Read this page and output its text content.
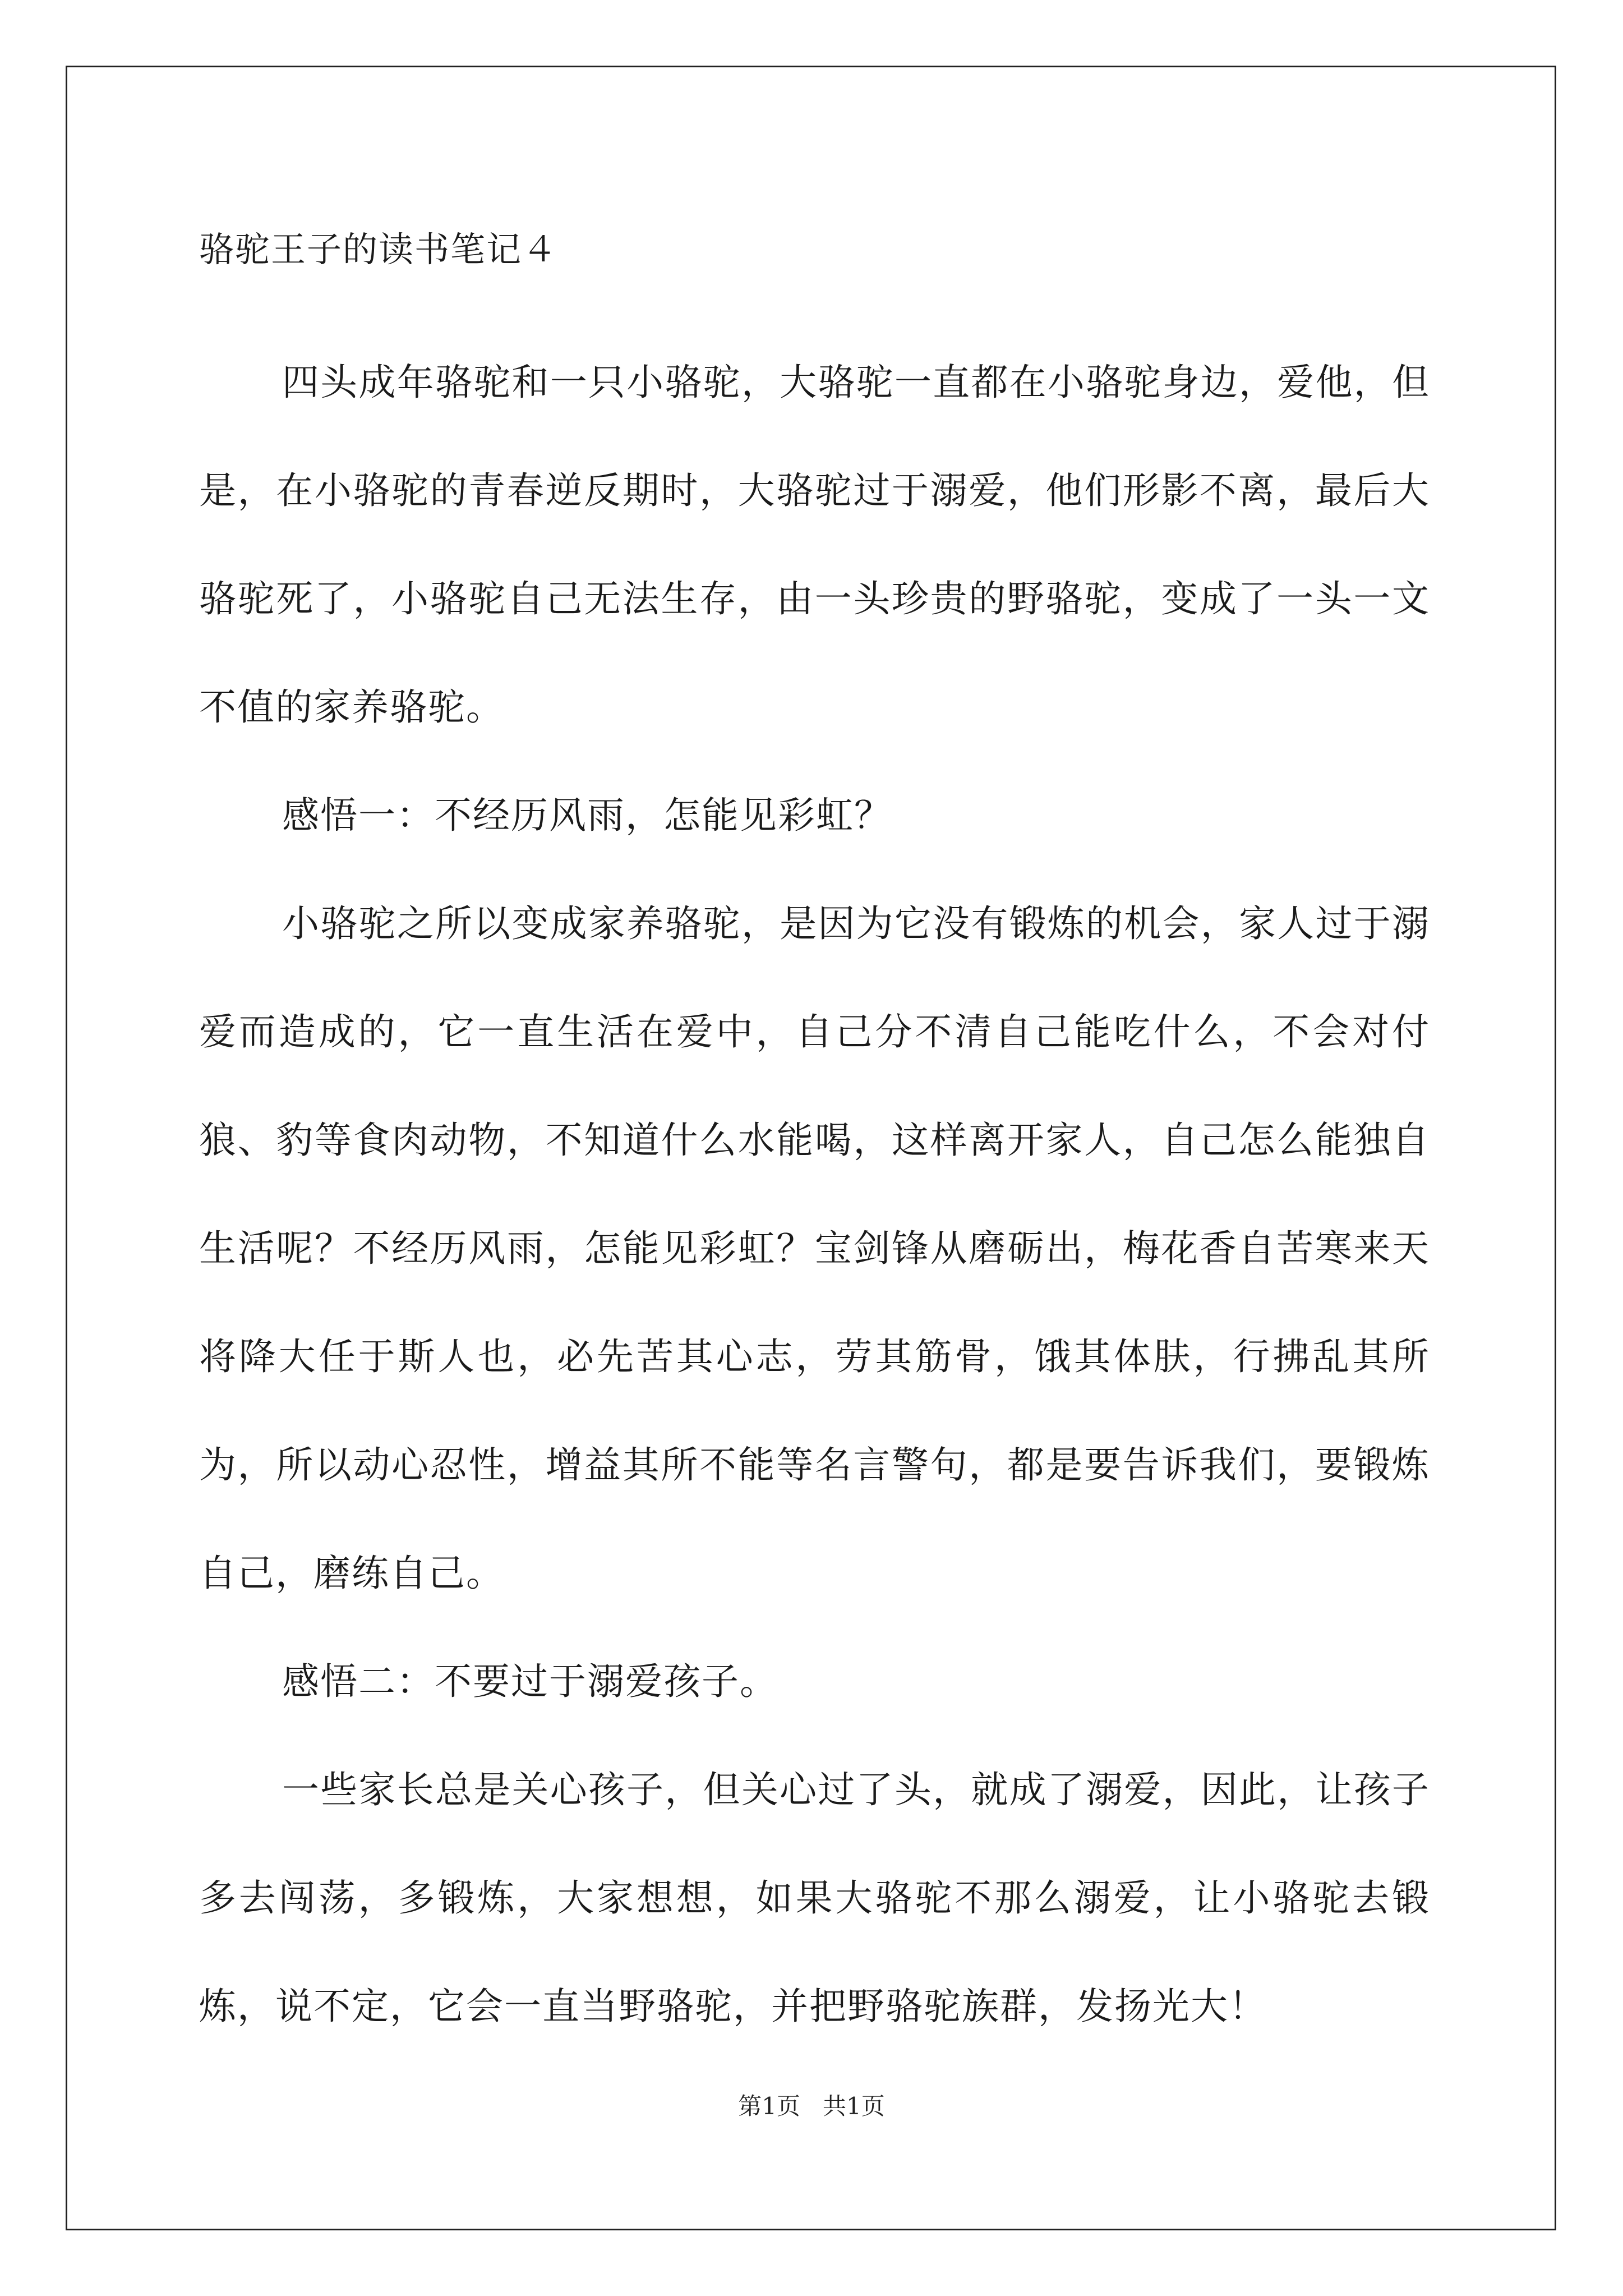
骆驼王子的读书笔记４

四头成年骆驼和一只小骆驼，大骆驼一直都在小骆驼身边，爱他，但是，在小骆驼的青春逆反期时，大骆驼过于溺爱，他们形影不离，最后大骆驼死了，小骆驼自己无法生存，由一头珍贵的野骆驼，变成了一头一文不值的家养骆驼。

感悟一：不经历风雨，怎能见彩虹？

小骆驼之所以变成家养骆驼，是因为它没有锻炼的机会，家人过于溺爱而造成的，它一直生活在爱中，自己分不清自己能吃什么，不会对付狼、豹等食肉动物，不知道什么水能喝，这样离开家人，自己怎么能独自生活呢？不经历风雨，怎能见彩虹？宝剑锋从磨砺出，梅花香自苦寒来天将降大任于斯人也，必先苦其心志，劳其筋骨，饿其体肤，行拂乱其所为，所以动心忍性，增益其所不能等名言警句，都是要告诉我们，要锻炼自己，磨练自己。

感悟二：不要过于溺爱孩子。

一些家长总是关心孩子，但关心过了头，就成了溺爱，因此，让孩子多去闯荡，多锻炼，大家想想，如果大骆驼不那么溺爱，让小骆驼去锻炼，说不定，它会一直当野骆驼，并把野骆驼族群，发扬光大！

第1页   共1页
